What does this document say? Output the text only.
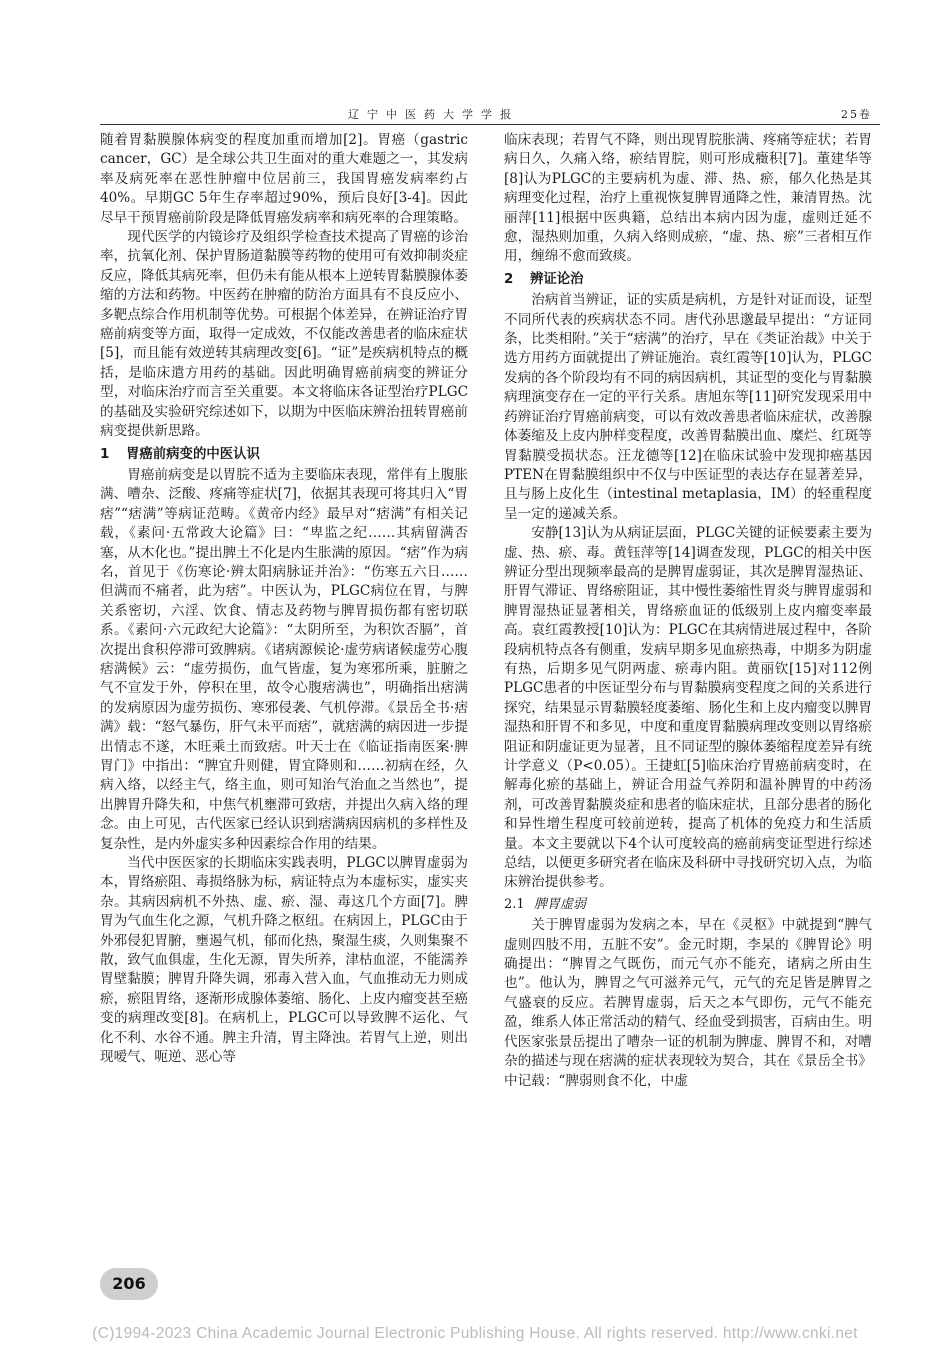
辽宁中医药大学学报	25卷

随着胃黏膜腺体病变的程度加重而增加[2]。胃癌（gastric cancer，GC）是全球公共卫生面对的重大难题之一，其发病率及病死率在恶性肿瘤中位居前三，我国胃癌发病率约占40%。早期GC 5年生存率超过90%，预后良好[3-4]。因此尽早干预胃癌前阶段是降低胃癌发病率和病死率的合理策略。

现代医学的内镜诊疗及组织学检查技术提高了胃癌的诊治率，抗氧化剂、保护胃肠道黏膜等药物的使用可有效抑制炎症反应，降低其病死率，但仍未有能从根本上逆转胃黏膜腺体萎缩的方法和药物。中医药在肿瘤的防治方面具有不良反应小、多靶点综合作用机制等优势。可根据个体差异，在辨证治疗胃癌前病变等方面，取得一定成效，不仅能改善患者的临床症状[5]，而且能有效逆转其病理改变[6]。“证”是疾病机特点的概括，是临床遣方用药的基础。因此明确胃癌前病变的辨证分型，对临床治疗而言至关重要。本文将临床各证型治疗PLGC的基础及实验研究综述如下，以期为中医临床辨治扭转胃癌前病变提供新思路。

1 胃癌前病变的中医认识

胃癌前病变是以胃脘不适为主要临床表现，常伴有上腹胀满、嘈杂、泛酸、疼痛等症状[7]，依据其表现可将其归入“胃痞”“痞满”等病证范畴。《黄帝内经》最早对“痞满”有相关记载，《素问·五常政大论篇》曰：“卑监之纪……其病留满否塞，从木化也。”提出脾土不化是内生胀满的原因。“痞”作为病名，首见于《伤寒论·辨太阳病脉证并治》：“伤寒五六日……但满而不痛者，此为痞”。中医认为，PLGC病位在胃，与脾关系密切，六淫、饮食、情志及药物与脾胃损伤都有密切联系。《素问·六元政纪大论篇》：“太阴所至，为积饮否膈”，首次提出食积停滞可致脾病。《诸病源候论·虚劳病诸候虚劳心腹痞满候》云：“虚劳损伤，血气皆虚，复为寒邪所乘，脏腑之气不宣发于外，停积在里，故令心腹痞满也”，明确指出痞满的发病原因为虚劳损伤、寒邪侵袭、气机停滞。《景岳全书·痞满》载：“怒气暴伤，肝气未平而痞”，就痞满的病因进一步提出情志不遂，木旺乘土而致痞。叶天士在《临证指南医案·脾胃门》中指出：“脾宜升则健，胃宜降则和……初病在经，久病入络，以经主气，络主血，则可知治气治血之当然也”，提出脾胃升降失和，中焦气机壅滞可致痞，并提出久病入络的理念。由上可见，古代医家已经认识到痞满病因病机的多样性及复杂性，是内外虚实多种因素综合作用的结果。

当代中医医家的长期临床实践表明，PLGC以脾胃虚弱为本，胃络瘀阻、毒损络脉为标，病证特点为本虚标实，虚实夹杂。其病因病机不外热、虚、瘀、湿、毒这几个方面[7]。脾胃为气血生化之源，气机升降之枢纽。在病因上，PLGC由于外邪侵犯胃腑，壅遏气机，郁而化热，聚湿生痰，久则集聚不散，致气血俱虚，生化无源，胃失所养，津枯血涩，不能濡养胃壁黏膜；脾胃升降失调，邪毒入营入血，气血推动无力则成瘀，瘀阻胃络，逐渐形成腺体萎缩、肠化、上皮内瘤变甚至癌变的病理改变[8]。在病机上，PLGC可以导致脾不运化、气化不利、水谷不通。脾主升清，胃主降浊。若胃气上逆，则出现嗳气、呃逆、恶心等

临床表现；若胃气不降，则出现胃脘胀满、疼痛等症状；若胃病日久，久痛入络，瘀结胃脘，则可形成癥积[7]。董建华等[8]认为PLGC的主要病机为虚、滞、热、瘀，郁久化热是其病理变化过程，治疗上重视恢复脾胃通降之性，兼清胃热。沈丽萍[11]根据中医典籍，总结出本病内因为虚，虚则迁延不愈，湿热则加重，久病入络则成瘀，“虚、热、瘀”三者相互作用，缠绵不愈而致痰。

2 辨证论治

治病首当辨证，证的实质是病机，方是针对证而设，证型不同所代表的疾病状态不同。唐代孙思邈最早提出：“方证同条，比类相附。”关于“痞满”的治疗，早在《类证治裁》中关于选方用药方面就提出了辨证施治。袁红霞等[10]认为，PLGC发病的各个阶段均有不同的病因病机，其证型的变化与胃黏膜病理演变存在一定的平行关系。唐旭东等[11]研究发现采用中药辨证治疗胃癌前病变，可以有效改善患者临床症状，改善腺体萎缩及上皮内肿样变程度，改善胃黏膜出血、糜烂、红斑等胃黏膜受损状态。汪龙德等[12]在临床试验中发现抑癌基因PTEN在胃黏膜组织中不仅与中医证型的表达存在显著差异，且与肠上皮化生（intestinal metaplasia，IM）的轻重程度呈一定的递减关系。

安静[13]认为从病证层面，PLGC关键的证候要素主要为虚、热、瘀、毒。黄钰萍等[14]调查发现，PLGC的相关中医辨证分型出现频率最高的是脾胃虚弱证，其次是脾胃湿热证、肝胃气滞证、胃络瘀阻证，其中慢性萎缩性胃炎与脾胃虚弱和脾胃湿热证显著相关，胃络瘀血证的低级别上皮内瘤变率最高。袁红霞教授[10]认为：PLGC在其病情进展过程中，各阶段病机特点各有侧重，发病早期多见血瘀热毒，中期多为阴虚有热，后期多见气阴两虚、瘀毒内阻。黄丽钦[15]对112例PLGC患者的中医证型分布与胃黏膜病变程度之间的关系进行探究，结果显示胃黏膜轻度萎缩、肠化生和上皮内瘤变以脾胃湿热和肝胃不和多见，中度和重度胃黏膜病理改变则以胃络瘀阻证和阴虚证更为显著，且不同证型的腺体萎缩程度差异有统计学意义（P<0.05）。王捷虹[5]临床治疗胃癌前病变时，在解毒化瘀的基础上，辨证合用益气养阴和温补脾胃的中药汤剂，可改善胃黏膜炎症和患者的临床症状，且部分患者的肠化和异性增生程度可较前逆转，提高了机体的免疫力和生活质量。本文主要就以下4个认可度较高的癌前病变证型进行综述总结，以便更多研究者在临床及科研中寻找研究切入点，为临床辨治提供参考。

2.1 脾胃虚弱

关于脾胃虚弱为发病之本，早在《灵枢》中就提到“脾气虚则四肢不用，五脏不安”。金元时期，李杲的《脾胃论》明确提出：“脾胃之气既伤，而元气亦不能充，诸病之所由生也”。他认为，脾胃之气可滋养元气，元气的充足皆是脾胃之气盛衰的反应。若脾胃虚弱，后天之本气即伤，元气不能充盈，维系人体正常活动的精气、经血受到损害，百病由生。明代医家张景岳提出了嘈杂一证的机制为脾虚、脾胃不和，对嘈杂的描述与现在痞满的症状表现较为契合，其在《景岳全书》中记载：“脾弱则食不化，中虚

206
(C)1994-2023 China Academic Journal Electronic Publishing House. All rights reserved. http://www.cnki.net
